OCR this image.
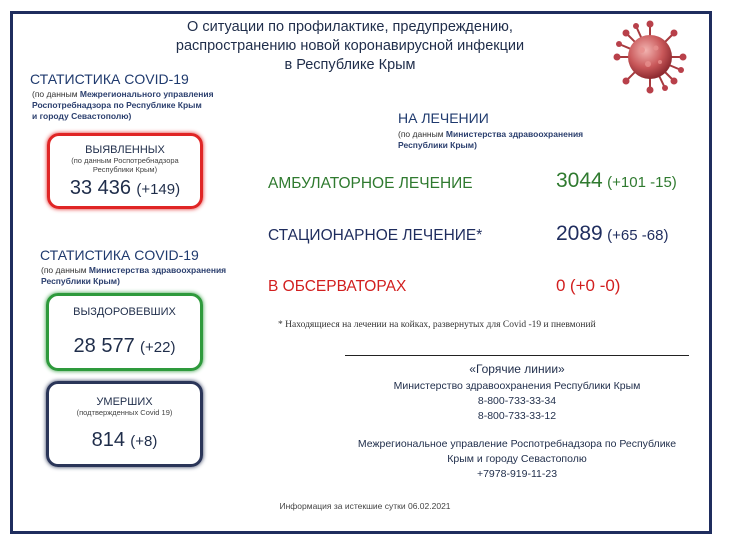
О ситуации по профилактике, предупреждению,
распространению новой коронавирусной инфекции
в Республике Крым
СТАТИСТИКА COVID-19
(по данным Межрегионального управления
Роспотребнадзора по Республике Крым
и городу Севастополю)
ВЫЯВЛЕННЫХ
(по данным Роспотребнадзора
Республики Крым)
33 436 (+149)
СТАТИСТИКА COVID-19
(по данным Министерства здравоохранения
Республики Крым)
ВЫЗДОРОВЕВШИХ
28 577 (+22)
УМЕРШИХ
(подтвержденных Covid 19)
814 (+8)
НА ЛЕЧЕНИИ
(по данным Министерства здравоохранения
Республики Крым)
АМБУЛАТОРНОЕ ЛЕЧЕНИЕ	3044 (+101 -15)
СТАЦИОНАРНОЕ ЛЕЧЕНИЕ*	2089 (+65 -68)
В ОБСЕРВАТОРАХ	0 (+0 -0)
* Находящиеся на лечении на койках, развернутых для Covid -19 и пневмоний
«Горячие линии»
Министерство здравоохранения Республики Крым
8-800-733-33-34
8-800-733-33-12
Межрегиональное управление Роспотребнадзора по Республике
Крым и городу Севастополю
+7978-919-11-23
Информация за истекшие сутки 06.02.2021
